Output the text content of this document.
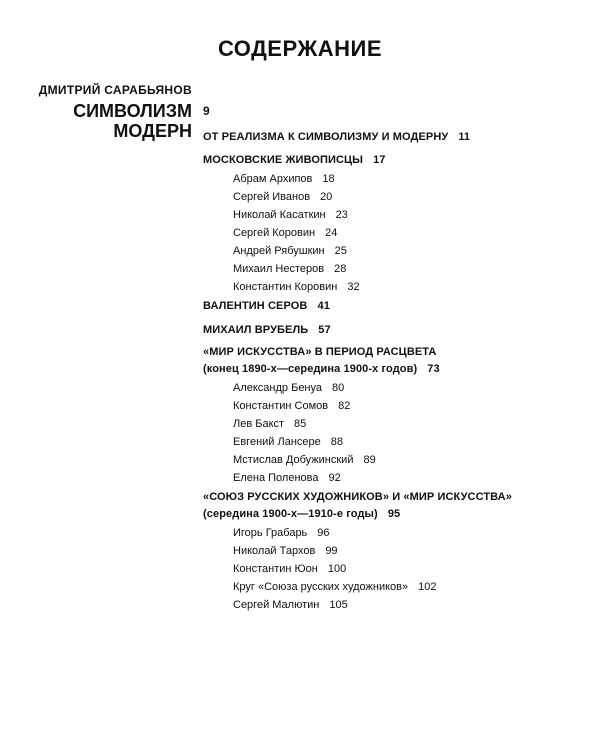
СОДЕРЖАНИЕ
ДМИТРИЙ САРАБЬЯНОВ
СИМВОЛИЗМ
МОДЕРН
9
ОТ РЕАЛИЗМА К СИМВОЛИЗМУ И МОДЕРНУ 11
МОСКОВСКИЕ ЖИВОПИСЦЫ 17
Абрам Архипов 18
Сергей Иванов 20
Николай Касаткин 23
Сергей Коровин 24
Андрей Рябушкин 25
Михаил Нестеров 28
Константин Коровин 32
ВАЛЕНТИН СЕРОВ 41
МИХАИЛ ВРУБЕЛЬ 57
«МИР ИСКУССТВА» В ПЕРИОД РАСЦВЕТА
(конец 1890-х—середина 1900-х годов) 73
Александр Бенуа 80
Константин Сомов 82
Лев Бакст 85
Евгений Лансере 88
Мстислав Добужинский 89
Елена Поленова 92
«СОЮЗ РУССКИХ ХУДОЖНИКОВ» И «МИР ИСКУССТВА»
(середина 1900-х—1910-е годы) 95
Игорь Грабарь 96
Николай Тархов 99
Константин Юон 100
Круг «Союза русских художников» 102
Сергей Малютин 105
